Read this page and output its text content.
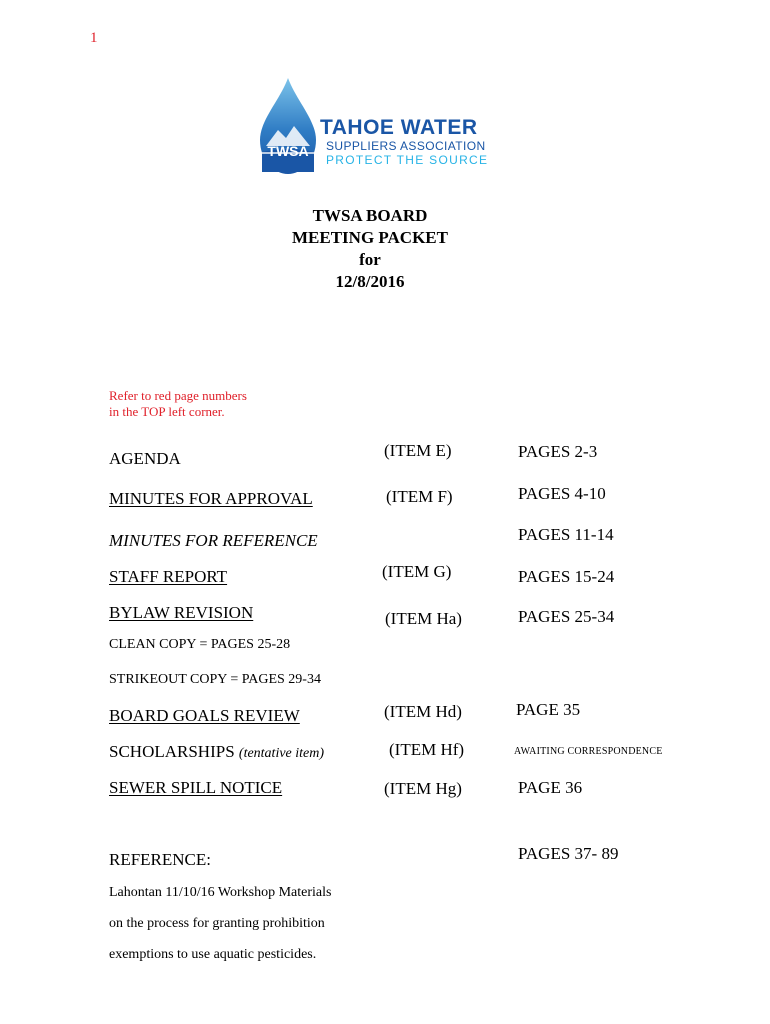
1
TWSA
TAHOE WATER
SUPPLIERS ASSOCIATION
PROTECT THE SOURCE
TWSA BOARD
MEETING PACKET
for
12/8/2016
Refer to red page numbers
in the TOP left corner.
AGENDA	(ITEM E)	PAGES 2-3
MINUTES FOR APPROVAL	(ITEM F)	PAGES 4-10
MINUTES FOR REFERENCE	PAGES 11-14
STAFF REPORT	(ITEM G)	PAGES 15-24
BYLAW REVISION	(ITEM Ha)	PAGES 25-34
CLEAN COPY = PAGES 25-28
STRIKEOUT COPY = PAGES 29-34
BOARD GOALS REVIEW	(ITEM Hd)	PAGE 35
SCHOLARSHIPS (tentative item)	(ITEM Hf)	AWAITING CORRESPONDENCE
SEWER SPILL NOTICE	(ITEM Hg)	PAGE 36
REFERENCE:	PAGES 37- 89
Lahontan 11/10/16 Workshop Materials
on the process for granting prohibition
exemptions to use aquatic pesticides.
